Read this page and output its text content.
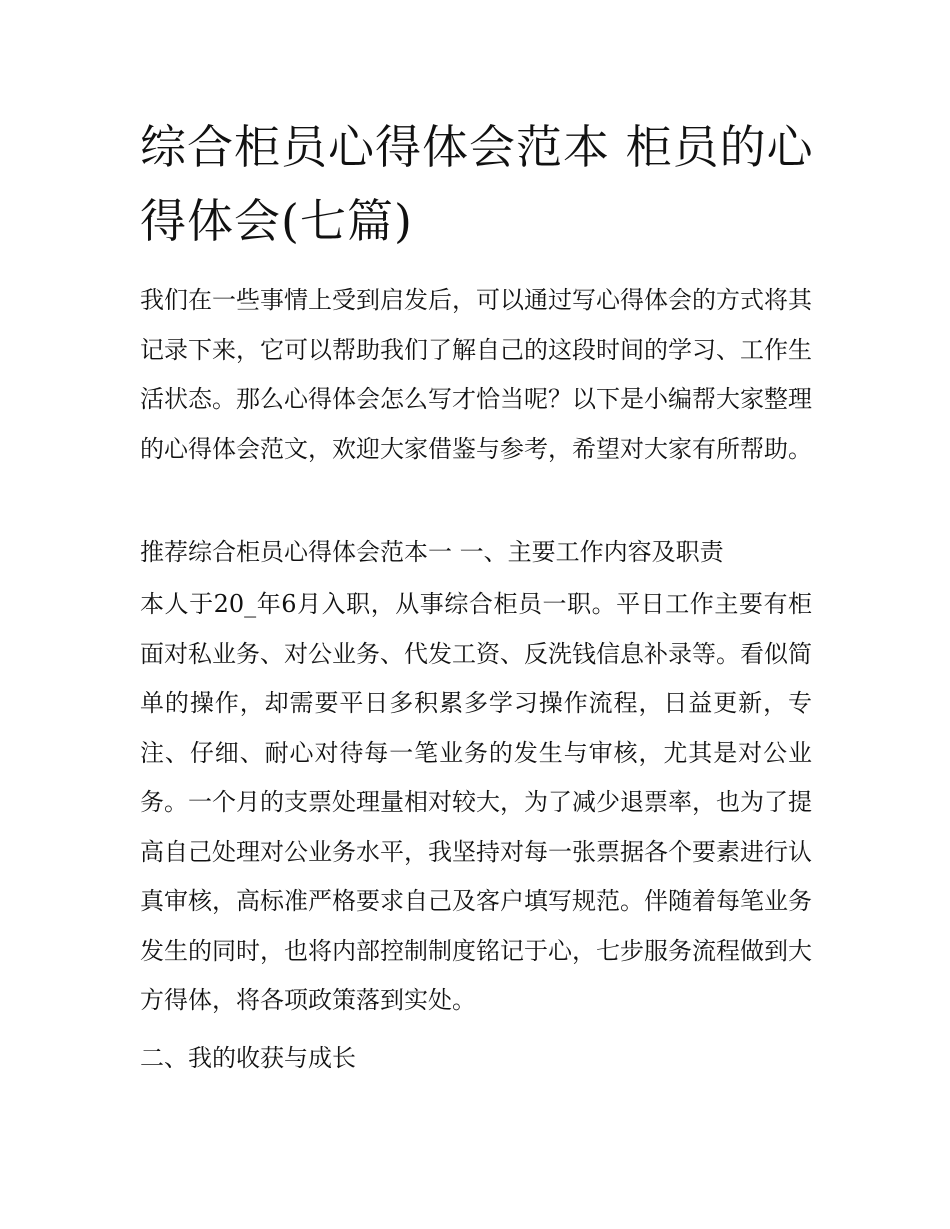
综合柜员心得体会范本 柜员的心得体会(七篇)

我们在一些事情上受到启发后，可以通过写心得体会的方式将其记录下来，它可以帮助我们了解自己的这段时间的学习、工作生活状态。那么心得体会怎么写才恰当呢？以下是小编帮大家整理的心得体会范文，欢迎大家借鉴与参考，希望对大家有所帮助。

推荐综合柜员心得体会范本一 一、主要工作内容及职责

本人于20_年6月入职，从事综合柜员一职。平日工作主要有柜面对私业务、对公业务、代发工资、反洗钱信息补录等。看似简单的操作，却需要平日多积累多学习操作流程，日益更新，专注、仔细、耐心对待每一笔业务的发生与审核，尤其是对公业务。一个月的支票处理量相对较大，为了减少退票率，也为了提高自己处理对公业务水平，我坚持对每一张票据各个要素进行认真审核，高标准严格要求自己及客户填写规范。伴随着每笔业务发生的同时，也将内部控制制度铭记于心，七步服务流程做到大方得体，将各项政策落到实处。

二、我的收获与成长
